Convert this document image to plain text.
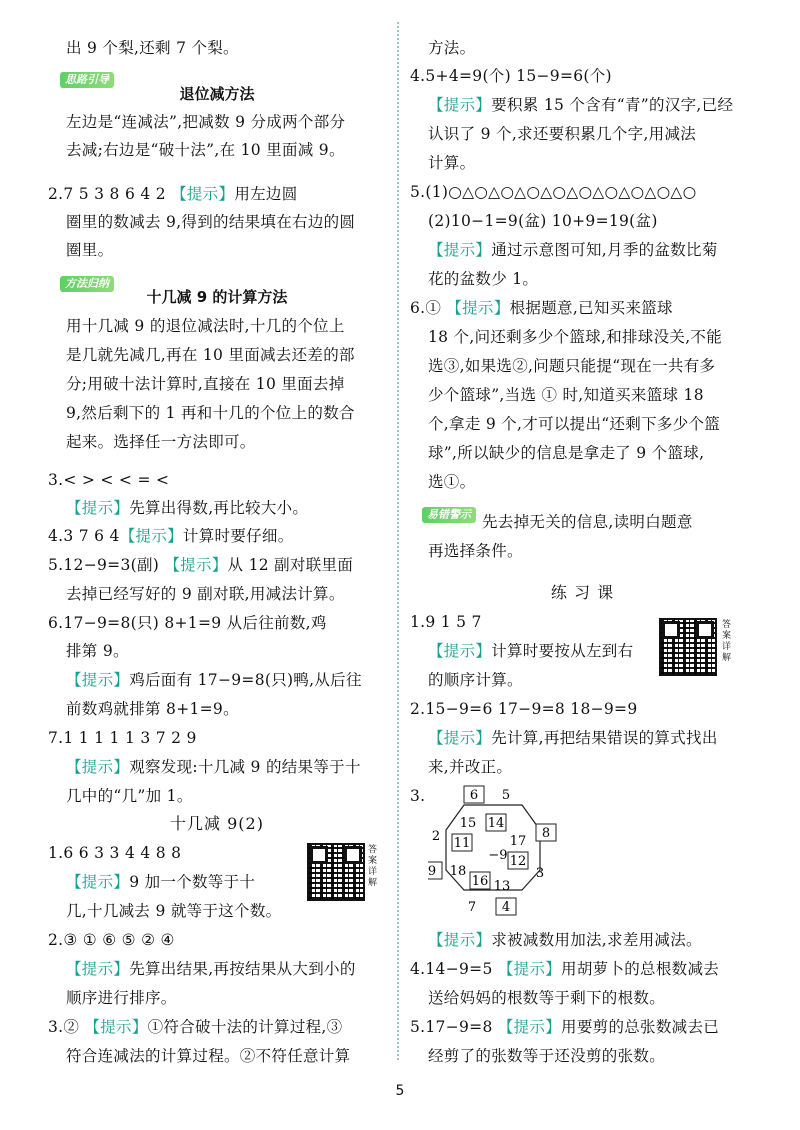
出 9 个梨,还剩 7 个梨。
思路引导
退位减方法
左边是“连减法”,把减数 9 分成两个部分
去减;右边是“破十法”,在 10 里面减 9。
2.7 5 3 8 6 4 2 【提示】用左边圆
圈里的数减去 9,得到的结果填在右边的圆
圈里。
方法归纳
十几减 9 的计算方法
用十几减 9 的退位减法时,十几的个位上
是几就先减几,再在 10 里面减去还差的部
分;用破十法计算时,直接在 10 里面去掉
9,然后剩下的 1 再和十几的个位上的数合
起来。选择任一方法即可。
3.< > < < = <
【提示】先算出得数,再比较大小。
4.3 7 6 4【提示】计算时要仔细。
5.12−9=3(副) 【提示】从 12 副对联里面
去掉已经写好的 9 副对联,用减法计算。
6.17−9=8(只) 8+1=9 从后往前数,鸡
排第 9。
【提示】鸡后面有 17−9=8(只)鸭,从后往
前数鸡就排第 8+1=9。
7.1 1 1 1 1 3 7 2 9
【提示】观察发现:十几减 9 的结果等于十
几中的“几”加 1。
十几减 9(2)
1.6 6 3 3 4 4 8 8
【提示】9 加一个数等于十
几,十几减去 9 就等于这个数。
2.③ ① ⑥ ⑤ ② ④
【提示】先算出结果,再按结果从大到小的
顺序进行排序。
3.② 【提示】①符合破十法的计算过程,③
符合连减法的计算过程。②不符任意计算
方法。
4.5+4=9(个) 15−9=6(个)
【提示】要积累 15 个含有“青”的汉字,已经
认识了 9 个,求还要积累几个字,用减法
计算。
5.(1)○△○△○△○△○△○△○△○△○△○
(2)10−1=9(盆) 10+9=19(盆)
【提示】通过示意图可知,月季的盆数比菊
花的盆数少 1。
6.① 【提示】根据题意,已知买来篮球
18 个,问还剩多少个篮球,和排球没关,不能
选③,如果选②,问题只能提“现在一共有多
少个篮球”,当选 ① 时,知道买来篮球 18
个,拿走 9 个,才可以提出“还剩下多少个篮
球”,所以缺少的信息是拿走了 9 个篮球,
选①。
易错警示 先去掉无关的信息,读明白题意
再选择条件。
练 习 课
1.9 1 5 7
【提示】计算时要按从左到右
的顺序计算。
2.15−9=6 17−9=8 18−9=9
【提示】先计算,再把结果错误的算式找出
来,并改正。
3.
【提示】求被减数用加法,求差用减法。
4.14−9=5 【提示】用胡萝卜的总根数减去
送给妈妈的根数等于剩下的根数。
5.17−9=8 【提示】用要剪的总张数减去已
经剪了的张数等于还没剪的张数。
答案详解
答案详解
15 14
17
12
13
16
18
11
6 5
8
3
4
7
9
2
−9
5
